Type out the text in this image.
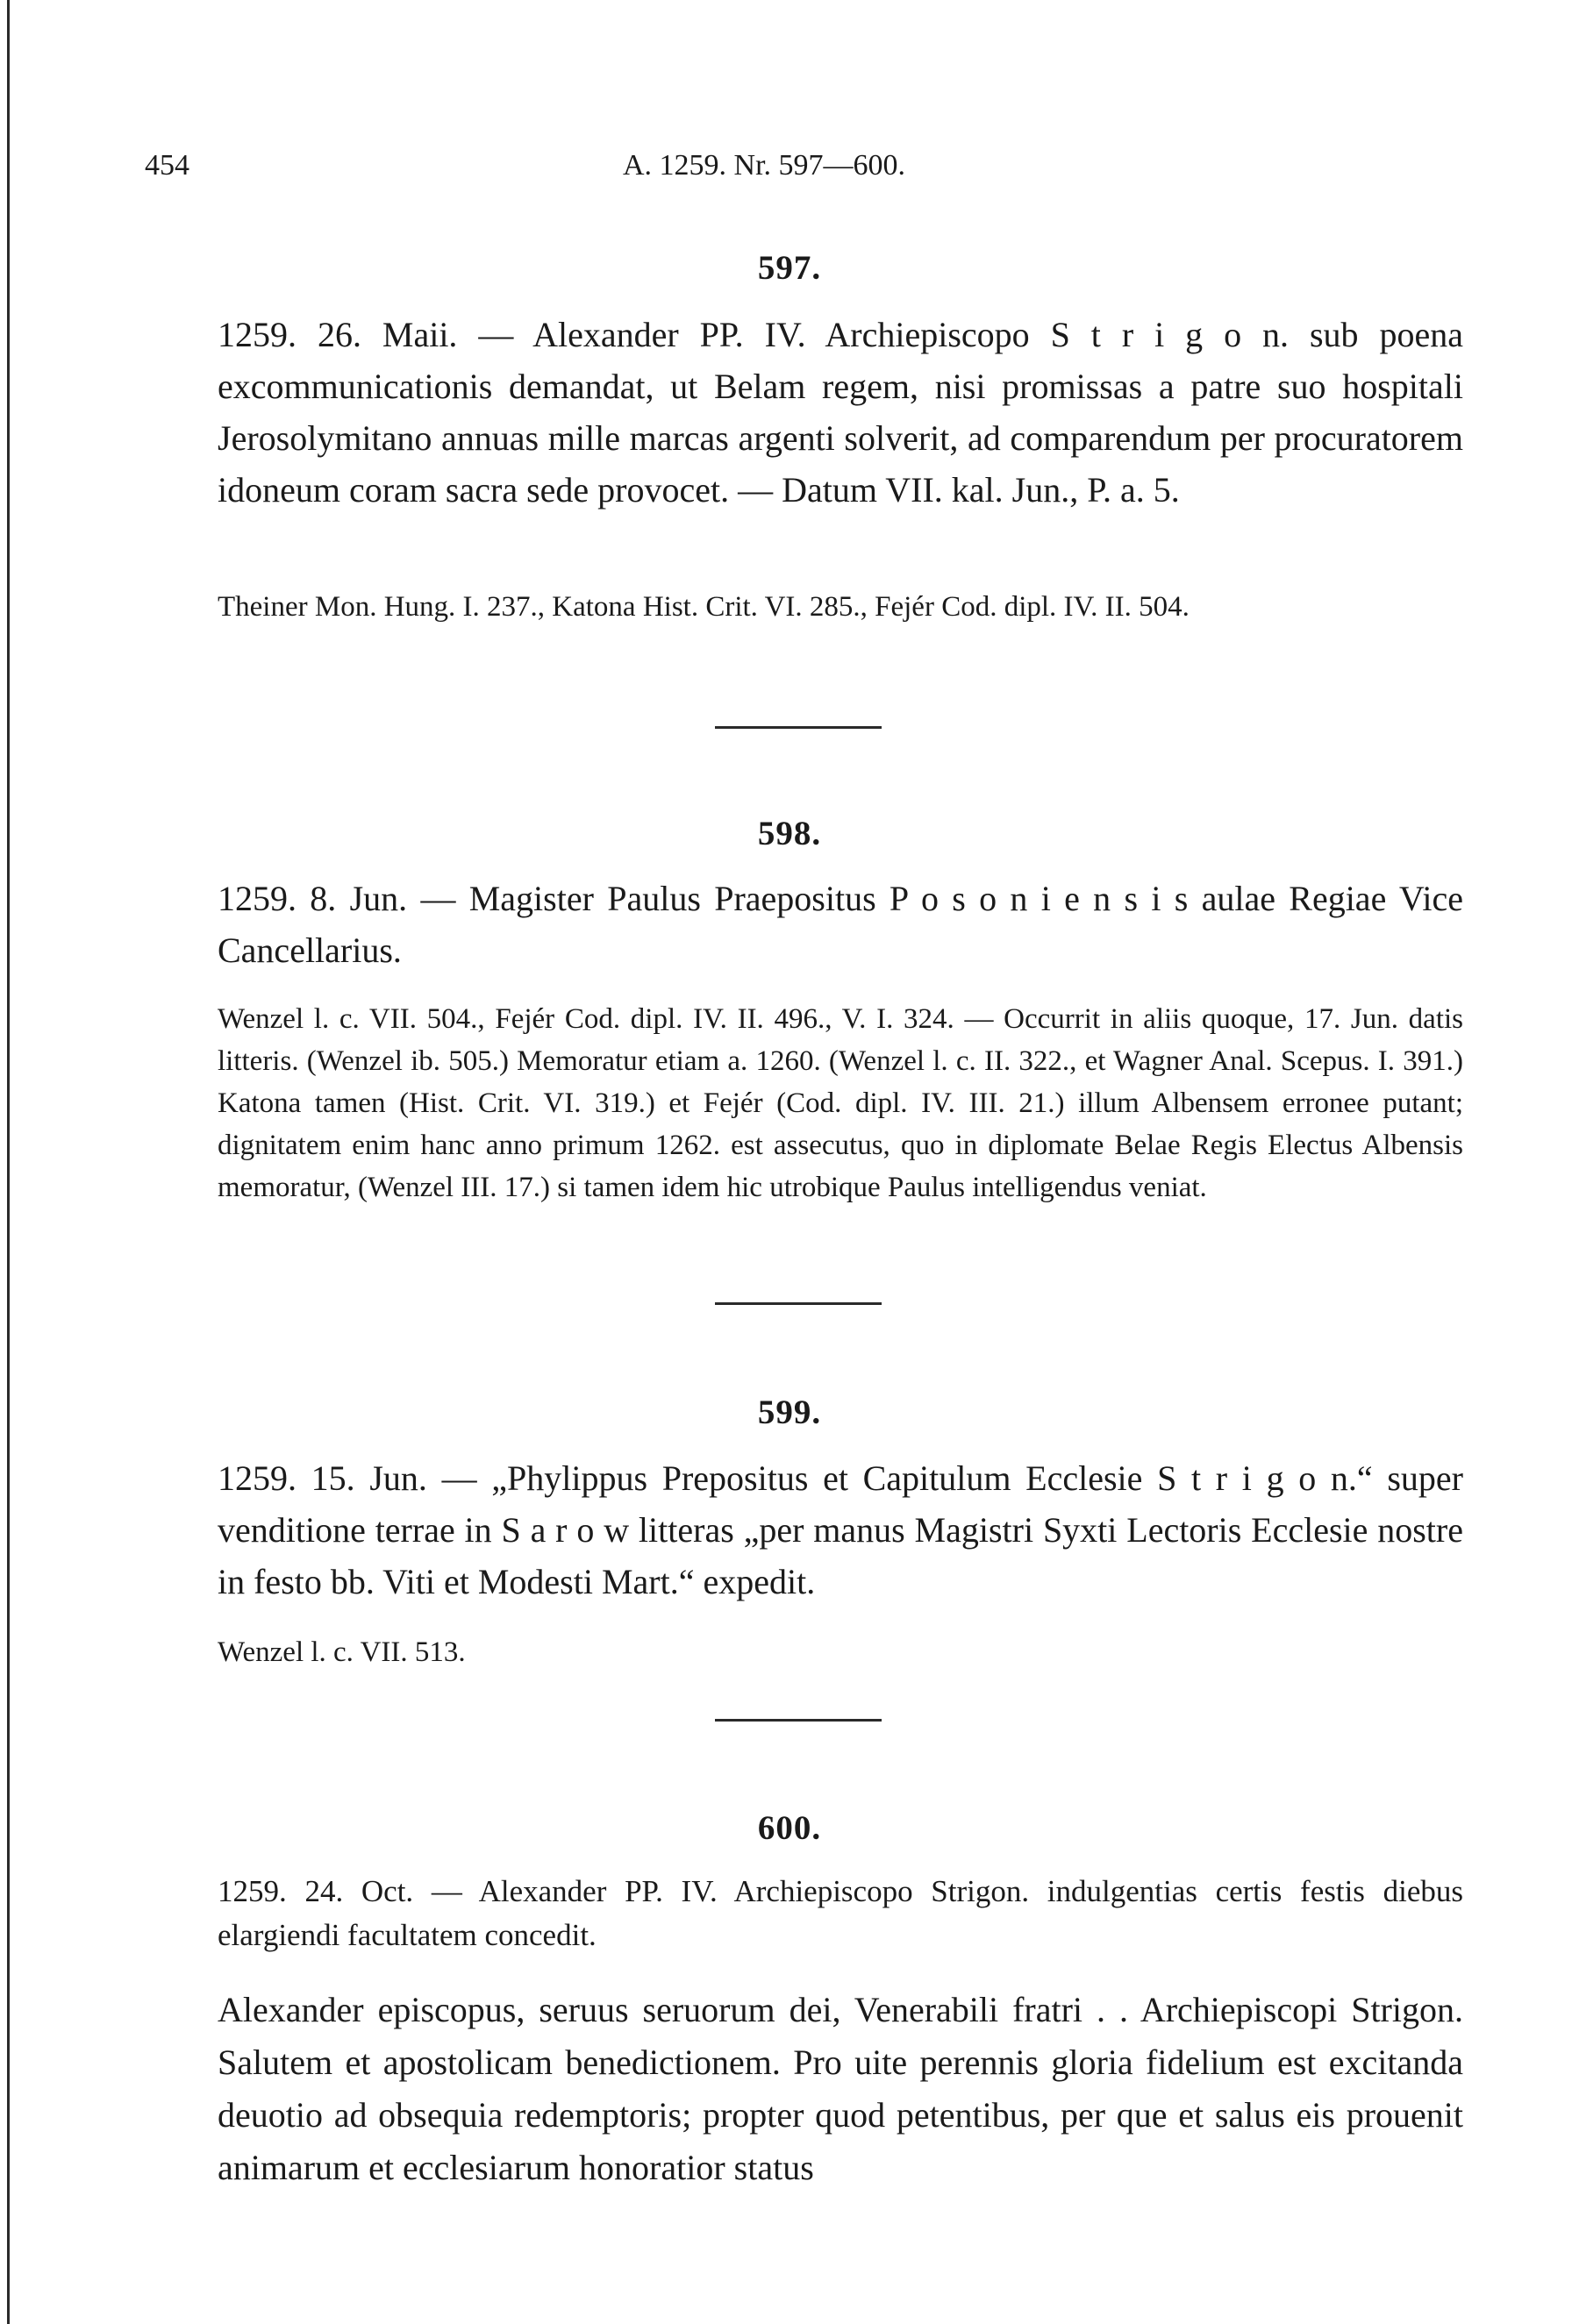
454	A. 1259. Nr. 597—600.
597.
1259. 26. Maii. — Alexander PP. IV. Archiepiscopo S t r i g o n. sub poena excommunicationis demandat, ut Belam regem, nisi promissas a patre suo hospitali Jerosolymitano annuas mille marcas argenti solverit, ad comparendum per procuratorem idoneum coram sacra sede provocet. — Datum VII. kal. Jun., P. a. 5.
Theiner Mon. Hung. I. 237., Katona Hist. Crit. VI. 285., Fejér Cod. dipl. IV. II. 504.
598.
1259. 8. Jun. — Magister Paulus Praepositus P o s o n i e n s i s aulae Regiae Vice Cancellarius.
Wenzel l. c. VII. 504., Fejér Cod. dipl. IV. II. 496., V. I. 324. — Occurrit in aliis quoque, 17. Jun. datis litteris. (Wenzel ib. 505.) Memoratur etiam a. 1260. (Wenzel l. c. II. 322., et Wagner Anal. Scepus. I. 391.) Katona tamen (Hist. Crit. VI. 319.) et Fejér (Cod. dipl. IV. III. 21.) illum Albensem erronee putant; dignitatem enim hanc anno primum 1262. est assecutus, quo in diplomate Belae Regis Electus Albensis memoratur, (Wenzel III. 17.) si tamen idem hic utrobique Paulus intelligendus veniat.
599.
1259. 15. Jun. — „Phylippus Prepositus et Capitulum Ecclesie S t r i g o n.“ super venditione terrae in S a r o w litteras „per manus Magistri Syxti Lectoris Ecclesie nostre in festo bb. Viti et Modesti Mart.“ expedit.
Wenzel l. c. VII. 513.
600.
1259. 24. Oct. — Alexander PP. IV. Archiepiscopo Strigon. indulgentias certis festis diebus elargiendi facultatem concedit.
Alexander episcopus, seruus seruorum dei, Venerabili fratri . . Archiepiscopi Strigon. Salutem et apostolicam benedictionem. Pro uite perennis gloria fidelium est excitanda deuotio ad obsequia redemptoris; propter quod petentibus, per que et salus eis prouenit animarum et ecclesiarum honoratior status
